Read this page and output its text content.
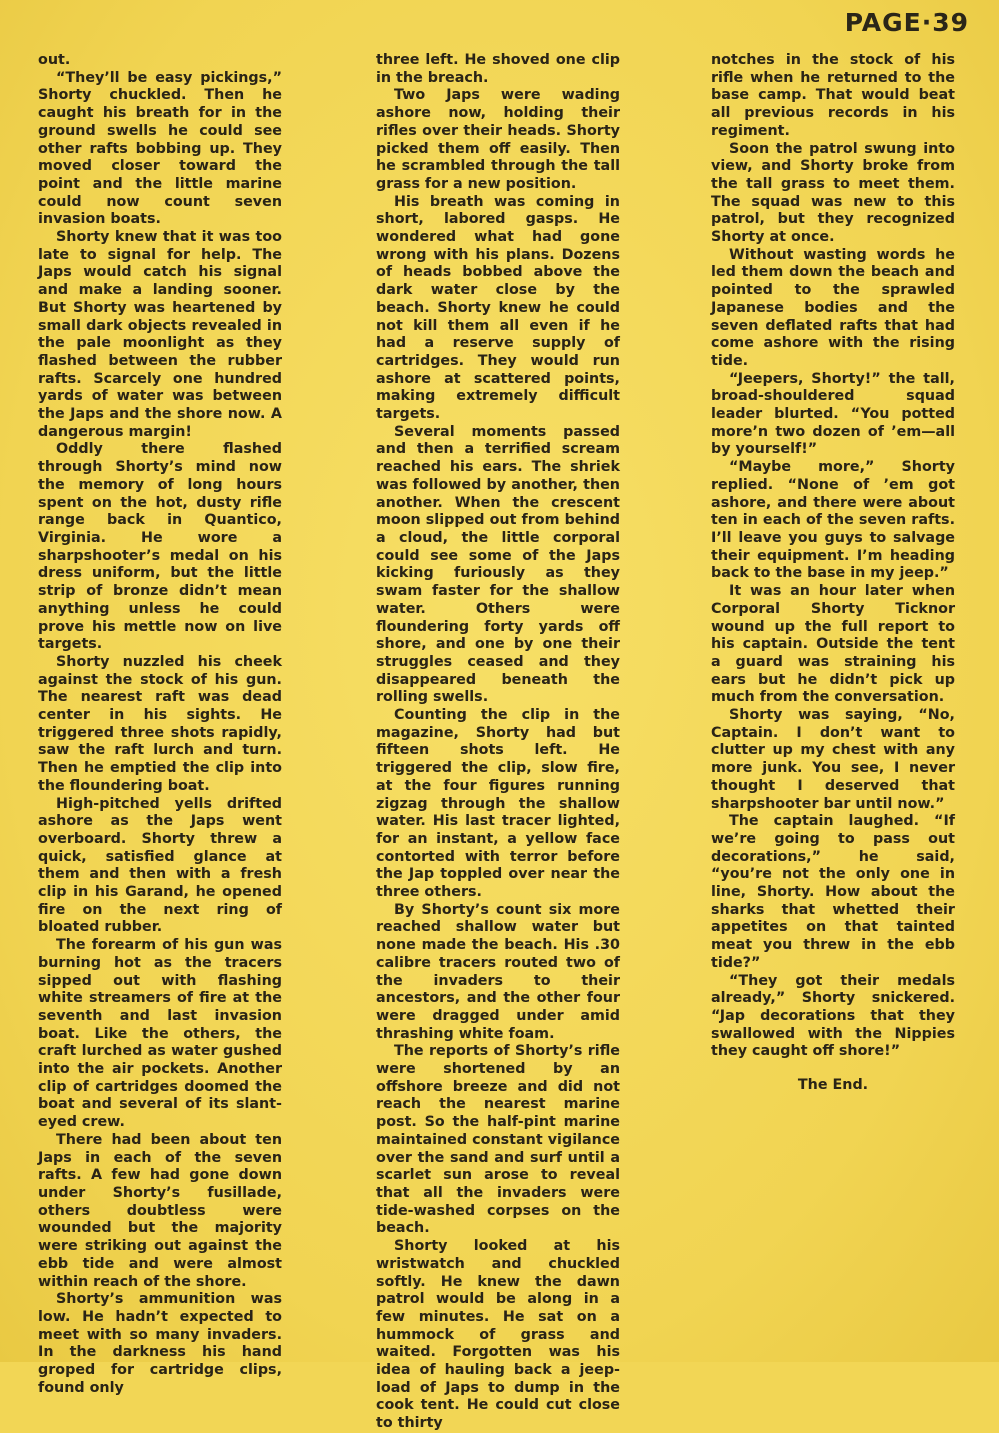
PAGE·39

out.

“They’ll be easy pickings,” Shorty chuckled. Then he caught his breath for in the ground swells he could see other rafts bobbing up. They moved closer toward the point and the little marine could now count seven invasion boats.

Shorty knew that it was too late to signal for help. The Japs would catch his signal and make a landing sooner. But Shorty was heartened by small dark objects revealed in the pale moonlight as they flashed between the rubber rafts. Scarcely one hundred yards of water was between the Japs and the shore now. A dangerous margin!

Oddly there flashed through Shorty’s mind now the memory of long hours spent on the hot, dusty rifle range back in Quantico, Virginia. He wore a sharpshooter’s medal on his dress uniform, but the little strip of bronze didn’t mean anything unless he could prove his mettle now on live targets.

Shorty nuzzled his cheek against the stock of his gun. The nearest raft was dead center in his sights. He triggered three shots rapidly, saw the raft lurch and turn. Then he emptied the clip into the floundering boat.

High-pitched yells drifted ashore as the Japs went overboard. Shorty threw a quick, satisfied glance at them and then with a fresh clip in his Garand, he opened fire on the next ring of bloated rubber.

The forearm of his gun was burning hot as the tracers sipped out with flashing white streamers of fire at the seventh and last invasion boat. Like the others, the craft lurched as water gushed into the air pockets. Another clip of cartridges doomed the boat and several of its slant-eyed crew.

There had been about ten Japs in each of the seven rafts. A few had gone down under Shorty’s fusillade, others doubtless were wounded but the majority were striking out against the ebb tide and were almost within reach of the shore.

Shorty’s ammunition was low. He hadn’t expected to meet with so many invaders. In the darkness his hand groped for cartridge clips, found only

three left. He shoved one clip in the breach.

Two Japs were wading ashore now, holding their rifles over their heads. Shorty picked them off easily. Then he scrambled through the tall grass for a new position.

His breath was coming in short, labored gasps. He wondered what had gone wrong with his plans. Dozens of heads bobbed above the dark water close by the beach. Shorty knew he could not kill them all even if he had a reserve supply of cartridges. They would run ashore at scattered points, making extremely difficult targets.

Several moments passed and then a terrified scream reached his ears. The shriek was followed by another, then another. When the crescent moon slipped out from behind a cloud, the little corporal could see some of the Japs kicking furiously as they swam faster for the shallow water. Others were floundering forty yards off shore, and one by one their struggles ceased and they disappeared beneath the rolling swells.

Counting the clip in the magazine, Shorty had but fifteen shots left. He triggered the clip, slow fire, at the four figures running zigzag through the shallow water. His last tracer lighted, for an instant, a yellow face contorted with terror before the Jap toppled over near the three others.

By Shorty’s count six more reached shallow water but none made the beach. His .30 calibre tracers routed two of the invaders to their ancestors, and the other four were dragged under amid thrashing white foam.

The reports of Shorty’s rifle were shortened by an offshore breeze and did not reach the nearest marine post. So the half-pint marine maintained constant vigilance over the sand and surf until a scarlet sun arose to reveal that all the invaders were tide-washed corpses on the beach.

Shorty looked at his wristwatch and chuckled softly. He knew the dawn patrol would be along in a few minutes. He sat on a hummock of grass and waited. Forgotten was his idea of hauling back a jeep-load of Japs to dump in the cook tent. He could cut close to thirty

notches in the stock of his rifle when he returned to the base camp. That would beat all previous records in his regiment.

Soon the patrol swung into view, and Shorty broke from the tall grass to meet them. The squad was new to this patrol, but they recognized Shorty at once.

Without wasting words he led them down the beach and pointed to the sprawled Japanese bodies and the seven deflated rafts that had come ashore with the rising tide.

“Jeepers, Shorty!” the tall, broad-shouldered squad leader blurted. “You potted more’n two dozen of ’em—all by yourself!”

“Maybe more,” Shorty replied. “None of ’em got ashore, and there were about ten in each of the seven rafts. I’ll leave you guys to salvage their equipment. I’m heading back to the base in my jeep.”

It was an hour later when Corporal Shorty Ticknor wound up the full report to his captain. Outside the tent a guard was straining his ears but he didn’t pick up much from the conversation.

Shorty was saying, “No, Captain. I don’t want to clutter up my chest with any more junk. You see, I never thought I deserved that sharpshooter bar until now.”

The captain laughed. “If we’re going to pass out decorations,” he said, “you’re not the only one in line, Shorty. How about the sharks that whetted their appetites on that tainted meat you threw in the ebb tide?”

“They got their medals already,” Shorty snickered. “Jap decorations that they swallowed with the Nippies they caught off shore!”

The End.
